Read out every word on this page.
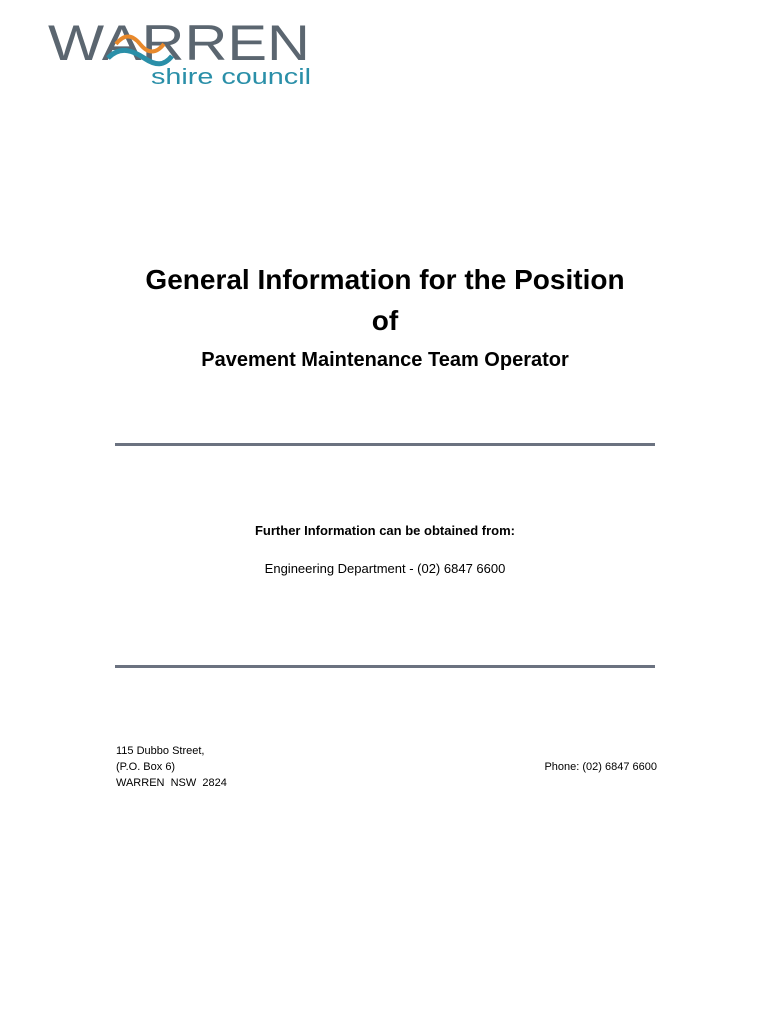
WARREN
shire council
General Information for the Position
of
Pavement Maintenance Team Operator
Further Information can be obtained from:
Engineering Department - (02) 6847 6600
115 Dubbo Street,
(P.O. Box 6)
WARREN  NSW  2824
Phone: (02) 6847 6600
